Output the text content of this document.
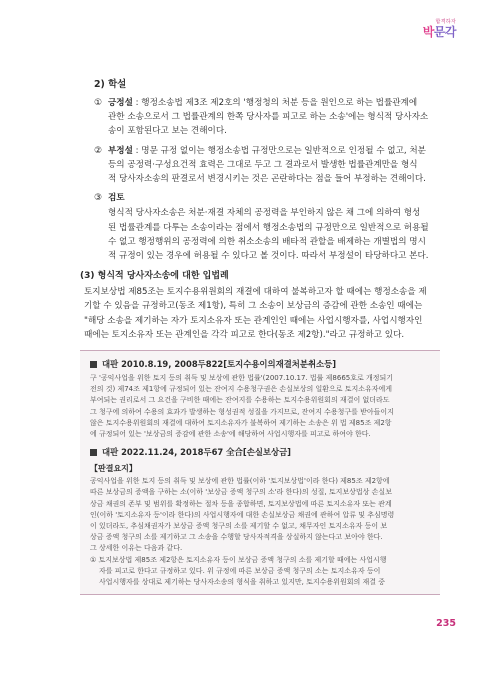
합격하자
박문각
2) 학설
① 긍정설 : 행정소송법 제3조 제2호의 '행정청의 처분 등을 원인으로 하는 법률관계에
관한 소송으로서 그 법률관계의 한쪽 당사자를 피고로 하는 소송'에는 형식적 당사자소
송이 포함된다고 보는 견해이다.
② 부정설 : 명문 규정 없이는 행정소송법 규정만으로는 일반적으로 인정될 수 없고, 처분
등의 공정력·구성요건적 효력은 그대로 두고 그 결과로서 발생한 법률관계만을 형식
적 당사자소송의 판결로서 변경시키는 것은 곤란하다는 점을 들어 부정하는 견해이다.
③ 검토
형식적 당사자소송은 처분·재결 자체의 공정력을 부인하지 않은 채 그에 의하여 형성
된 법률관계를 다투는 소송이라는 점에서 행정소송법의 규정만으로 일반적으로 허용될
수 없고 행정행위의 공정력에 의한 취소소송의 배타적 관할을 배제하는 개별법의 명시
적 규정이 있는 경우에 허용될 수 있다고 볼 것이다. 따라서 부정설이 타당하다고 본다.
(3) 형식적 당사자소송에 대한 입법례
토지보상법 제85조는 토지수용위원회의 재결에 대하여 불복하고자 할 때에는 행정소송을 제
기할 수 있음을 규정하고(동조 제1항), 특히 그 소송이 보상금의 증감에 관한 소송인 때에는
"해당 소송을 제기하는 자가 토지소유자 또는 관계인인 때에는 사업시행자를, 사업시행자인
때에는 토지소유자 또는 관계인을 각각 피고로 한다(동조 제2항)."라고 규정하고 있다.
대판 2010.8.19, 2008두822[토지수용이의재결처분취소등]
구 '공익사업을 위한 토지 등의 취득 및 보상에 관한 법률'(2007.10.17. 법률 제8665호로 개정되기
전의 것) 제74조 제1항에 규정되어 있는 잔여지 수용청구권은 손실보상의 일환으로 토지소유자에게
부여되는 권리로서 그 요건을 구비한 때에는 잔여지를 수용하는 토지수용위원회의 재결이 없더라도
그 청구에 의하여 수용의 효과가 발생하는 형성권적 성질을 가지므로, 잔여지 수용청구를 받아들이지
않은 토지수용위원회의 재결에 대하여 토지소유자가 불복하여 제기하는 소송은 위 법 제85조 제2항
에 규정되어 있는 '보상금의 증감에 관한 소송'에 해당하여 사업시행자를 피고로 하여야 한다.
대판 2022.11.24, 2018두67 全合[손실보상금]
【판결요지】
공익사업을 위한 토지 등의 취득 및 보상에 관한 법률(이하 '토지보상법'이라 한다) 제85조 제2항에
따른 보상금의 증액을 구하는 소(이하 '보상금 증액 청구의 소'라 한다)의 성질, 토지보상법상 손실보
상금 채권의 존부 및 범위를 확정하는 절차 등을 종합하면, 토지보상법에 따른 토지소유자 또는 관계
인(이하 '토지소유자 등'이라 한다)의 사업시행자에 대한 손실보상금 채권에 관하여 압류 및 추심명령
이 있더라도, 추심채권자가 보상금 증액 청구의 소를 제기할 수 없고, 채무자인 토지소유자 등이 보
상금 증액 청구의 소를 제기하고 그 소송을 수행할 당사자적격을 상실하지 않는다고 보아야 한다.
그 상세한 이유는 다음과 같다.
① 토지보상법 제85조 제2항은 토지소유자 등이 보상금 증액 청구의 소를 제기할 때에는 사업시행
자를 피고로 한다고 규정하고 있다. 위 규정에 따른 보상금 증액 청구의 소는 토지소유자 등이
사업시행자를 상대로 제기하는 당사자소송의 형식을 취하고 있지만, 토지수용위원회의 재결 중
235
